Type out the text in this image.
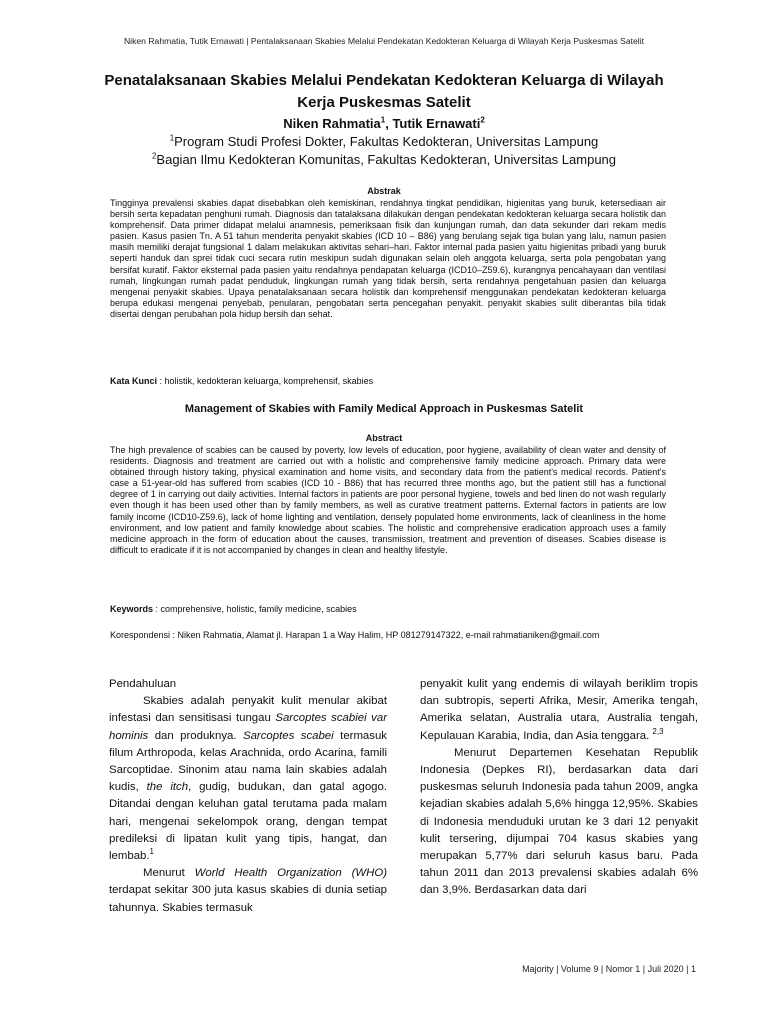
Niken Rahmatia, Tutik Ernawati | Pentalaksanaan Skabies Melalui Pendekatan Kedokteran Keluarga di Wilayah Kerja Puskesmas Satelit
Penatalaksanaan Skabies Melalui Pendekatan Kedokteran Keluarga di Wilayah Kerja Puskesmas Satelit
Niken Rahmatia$^1$, Tutik Ernawati$^2$
$^1$Program Studi Profesi Dokter, Fakultas Kedokteran, Universitas Lampung
$^2$Bagian Ilmu Kedokteran Komunitas, Fakultas Kedokteran, Universitas Lampung
Abstrak
Tingginya prevalensi skabies dapat disebabkan oleh kemiskinan, rendahnya tingkat pendidikan, higienitas yang buruk, ketersediaan air bersih serta kepadatan penghuni rumah. Diagnosis dan tatalaksana dilakukan dengan pendekatan kedokteran keluarga secara holistik dan komprehensif. Data primer didapat melalui anamnesis, pemeriksaan fisik dan kunjungan rumah, dan data sekunder dari rekam medis pasien. Kasus pasien Tn. A 51 tahun menderita penyakit skabies (ICD 10 – B86) yang berulang sejak tiga bulan yang lalu, namun pasien masih memiliki derajat fungsional 1 dalam melakukan aktivitas sehari–hari. Faktor internal pada pasien yaitu higienitas pribadi yang buruk seperti handuk dan sprei tidak cuci secara rutin meskipun sudah digunakan selain oleh anggota keluarga, serta pola pengobatan yang bersifat kuratif. Faktor eksternal pada pasien yaitu rendahnya pendapatan keluarga (ICD10–Z59.6), kurangnya pencahayaan dan ventilasi rumah, lingkungan rumah padat penduduk, lingkungan rumah yang tidak bersih, serta rendahnya pengetahuan pasien dan keluarga mengenai penyakit skabies. Upaya penatalaksanaan secara holistik dan komprehensif menggunakan pendekatan kedokteran keluarga berupa edukasi mengenai penyebab, penularan, pengobatan serta pencegahan penyakit. penyakit skabies sulit diberantas bila tidak disertai dengan perubahan pola hidup bersih dan sehat.
Kata Kunci : holistik, kedokteran keluarga, komprehensif, skabies
Management of Skabies with Family Medical Approach in Puskesmas Satelit
Abstract
The high prevalence of scabies can be caused by poverty, low levels of education, poor hygiene, availability of clean water and density of residents. Diagnosis and treatment are carried out with a holistic and comprehensive family medicine approach. Primary data were obtained through history taking, physical examination and home visits, and secondary data from the patient's medical records. Patient's case a 51-year-old has suffered from scabies (ICD 10 - B86) that has recurred three months ago, but the patient still has a functional degree of 1 in carrying out daily activities. Internal factors in patients are poor personal hygiene, towels and bed linen do not wash regularly even though it has been used other than by family members, as well as curative treatment patterns. External factors in patients are low family income (ICD10-Z59.6), lack of home lighting and ventilation, densely populated home environments, lack of cleanliness in the home environment, and low patient and family knowledge about scabies. The holistic and comprehensive eradication approach uses a family medicine approach in the form of education about the causes, transmission, treatment and prevention of diseases. Scabies disease is difficult to eradicate if it is not accompanied by changes in clean and healthy lifestyle.
Keywords : comprehensive, holistic, family medicine, scabies
Korespondensi : Niken Rahmatia, Alamat jl. Harapan 1 a Way Halim, HP 081279147322, e-mail rahmatianiken@gmail.com

Pendahuluan

Skabies adalah penyakit kulit menular akibat infestasi dan sensitisasi tungau Sarcoptes scabiei var hominis dan produknya. Sarcoptes scabei termasuk filum Arthropoda, kelas Arachnida, ordo Acarina, famili Sarcoptidae. Sinonim atau nama lain skabies adalah kudis, the itch, gudig, budukan, dan gatal agogo. Ditandai dengan keluhan gatal terutama pada malam hari, mengenai sekelompok orang, dengan tempat predileksi di lipatan kulit yang tipis, hangat, dan lembab.$^1$

Menurut World Health Organization (WHO) terdapat sekitar 300 juta kasus skabies di dunia setiap tahunnya. Skabies termasuk

penyakit kulit yang endemis di wilayah beriklim tropis dan subtropis, seperti Afrika, Mesir, Amerika tengah, Amerika selatan, Australia utara, Australia tengah, Kepulauan Karabia, India, dan Asia tenggara. $^{2,3}$

Menurut Departemen Kesehatan Republik Indonesia (Depkes RI), berdasarkan data dari puskesmas seluruh Indonesia pada tahun 2009, angka kejadian skabies adalah 5,6% hingga 12,95%. Skabies di Indonesia menduduki urutan ke 3 dari 12 penyakit kulit tersering, dijumpai 704 kasus skabies yang merupakan 5,77% dari seluruh kasus baru. Pada tahun 2011 dan 2013 prevalensi skabies adalah 6% dan 3,9%. Berdasarkan data dari

Majority | Volume 9 | Nomor 1 | Juli 2020 | 1
